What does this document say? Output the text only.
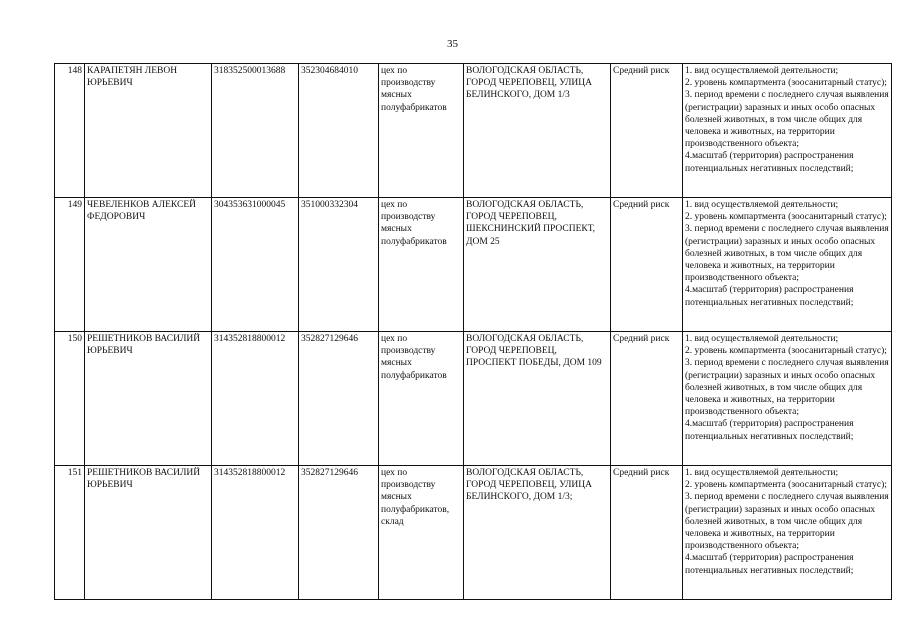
35
148	КАРАПЕТЯН ЛЕВОН ЮРЬЕВИЧ	318352500013688	352304684010	цех по производству мясных полуфабрикатов	ВОЛОГОДСКАЯ ОБЛАСТЬ, ГОРОД ЧЕРЕПОВЕЦ, УЛИЦА БЕЛИНСКОГО, ДОМ 1/3	Средний риск	1. вид осуществляемой деятельности;
2. уровень компартмента (зоосанитарный статус);
3. период времени с последнего случая выявления (регистрации) заразных и иных особо опасных болезней животных, в том числе общих для человека и животных, на территории производственного объекта;
4.масштаб (территория) распространения потенциальных негативных последствий;

149	ЧЕВЕЛЕНКОВ АЛЕКСЕЙ ФЕДОРОВИЧ	304353631000045	351000332304	цех по производству мясных полуфабрикатов	ВОЛОГОДСКАЯ ОБЛАСТЬ, ГОРОД ЧЕРЕПОВЕЦ, ШЕКСНИНСКИЙ ПРОСПЕКТ, ДОМ 25	Средний риск	1. вид осуществляемой деятельности;
2. уровень компартмента (зоосанитарный статус);
3. период времени с последнего случая выявления (регистрации) заразных и иных особо опасных болезней животных, в том числе общих для человека и животных, на территории производственного объекта;
4.масштаб (территория) распространения потенциальных негативных последствий;

150	РЕШЕТНИКОВ ВАСИЛИЙ ЮРЬЕВИЧ	314352818800012	352827129646	цех по производству мясных полуфабрикатов	ВОЛОГОДСКАЯ ОБЛАСТЬ, ГОРОД ЧЕРЕПОВЕЦ, ПРОСПЕКТ ПОБЕДЫ, ДОМ 109	Средний риск	1. вид осуществляемой деятельности;
2. уровень компартмента (зоосанитарный статус);
3. период времени с последнего случая выявления (регистрации) заразных и иных особо опасных болезней животных, в том числе общих для человека и животных, на территории производственного объекта;
4.масштаб (территория) распространения потенциальных негативных последствий;

151	РЕШЕТНИКОВ ВАСИЛИЙ ЮРЬЕВИЧ	314352818800012	352827129646	цех по производству мясных полуфабрикатов, склад	ВОЛОГОДСКАЯ ОБЛАСТЬ, ГОРОД ЧЕРЕПОВЕЦ, УЛИЦА БЕЛИНСКОГО, ДОМ 1/3;	Средний риск	1. вид осуществляемой деятельности;
2. уровень компартмента (зоосанитарный статус);
3. период времени с последнего случая выявления (регистрации) заразных и иных особо опасных болезней животных, в том числе общих для человека и животных, на территории производственного объекта;
4.масштаб (территория) распространения потенциальных негативных последствий;
